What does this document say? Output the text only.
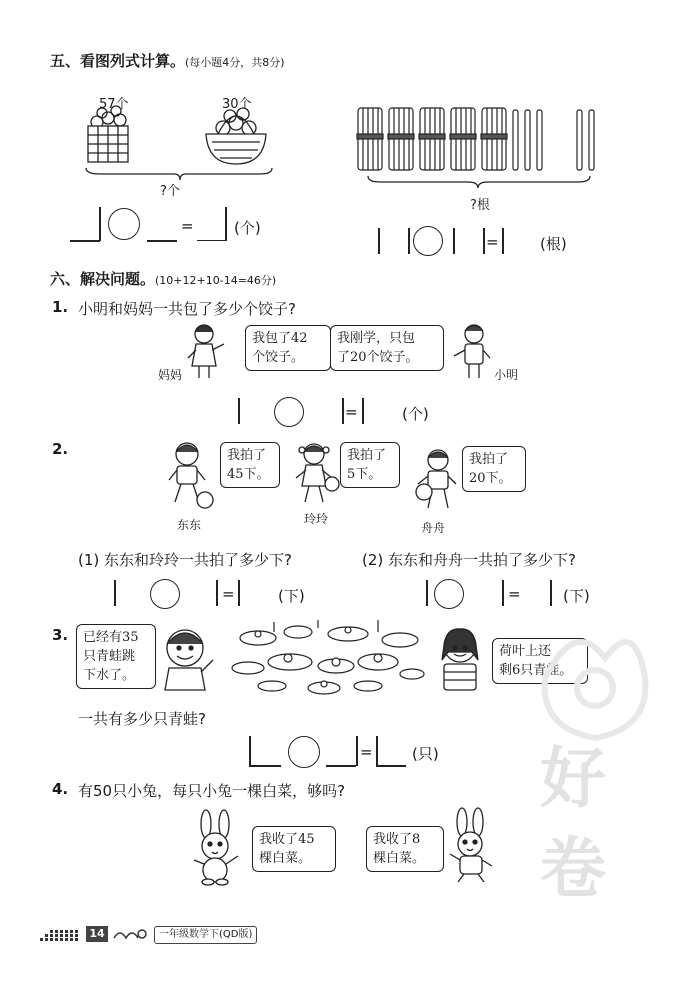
五、看图列式计算。(每小题4分，共8分)
57个	30个
?个
=	(个)
?根
=	(根)
六、解决问题。(10+12+10-14=46分)
1. 小明和妈妈一共包了多少个饺子?
妈妈
我包了42
个饺子。
我刚学，只包
了20个饺子。
小明
=	(个)
2.	我拍了
45下。
东东
我拍了
5下。
玲玲
我拍了
20下。
舟舟
(1) 东东和玲玲一共拍了多少下?	(2) 东东和舟舟一共拍了多少下?
=	(下)	=	(下)
3. 已经有35
只青蛙跳
下水了。
荷叶上还
剩6只青蛙。
一共有多少只青蛙?
=	(只)
4. 有50只小兔，每只小兔一棵白菜，够吗?
我收了45
棵白菜。
我收了8
棵白菜。
好
卷
14	一年级数学下(QD版)
